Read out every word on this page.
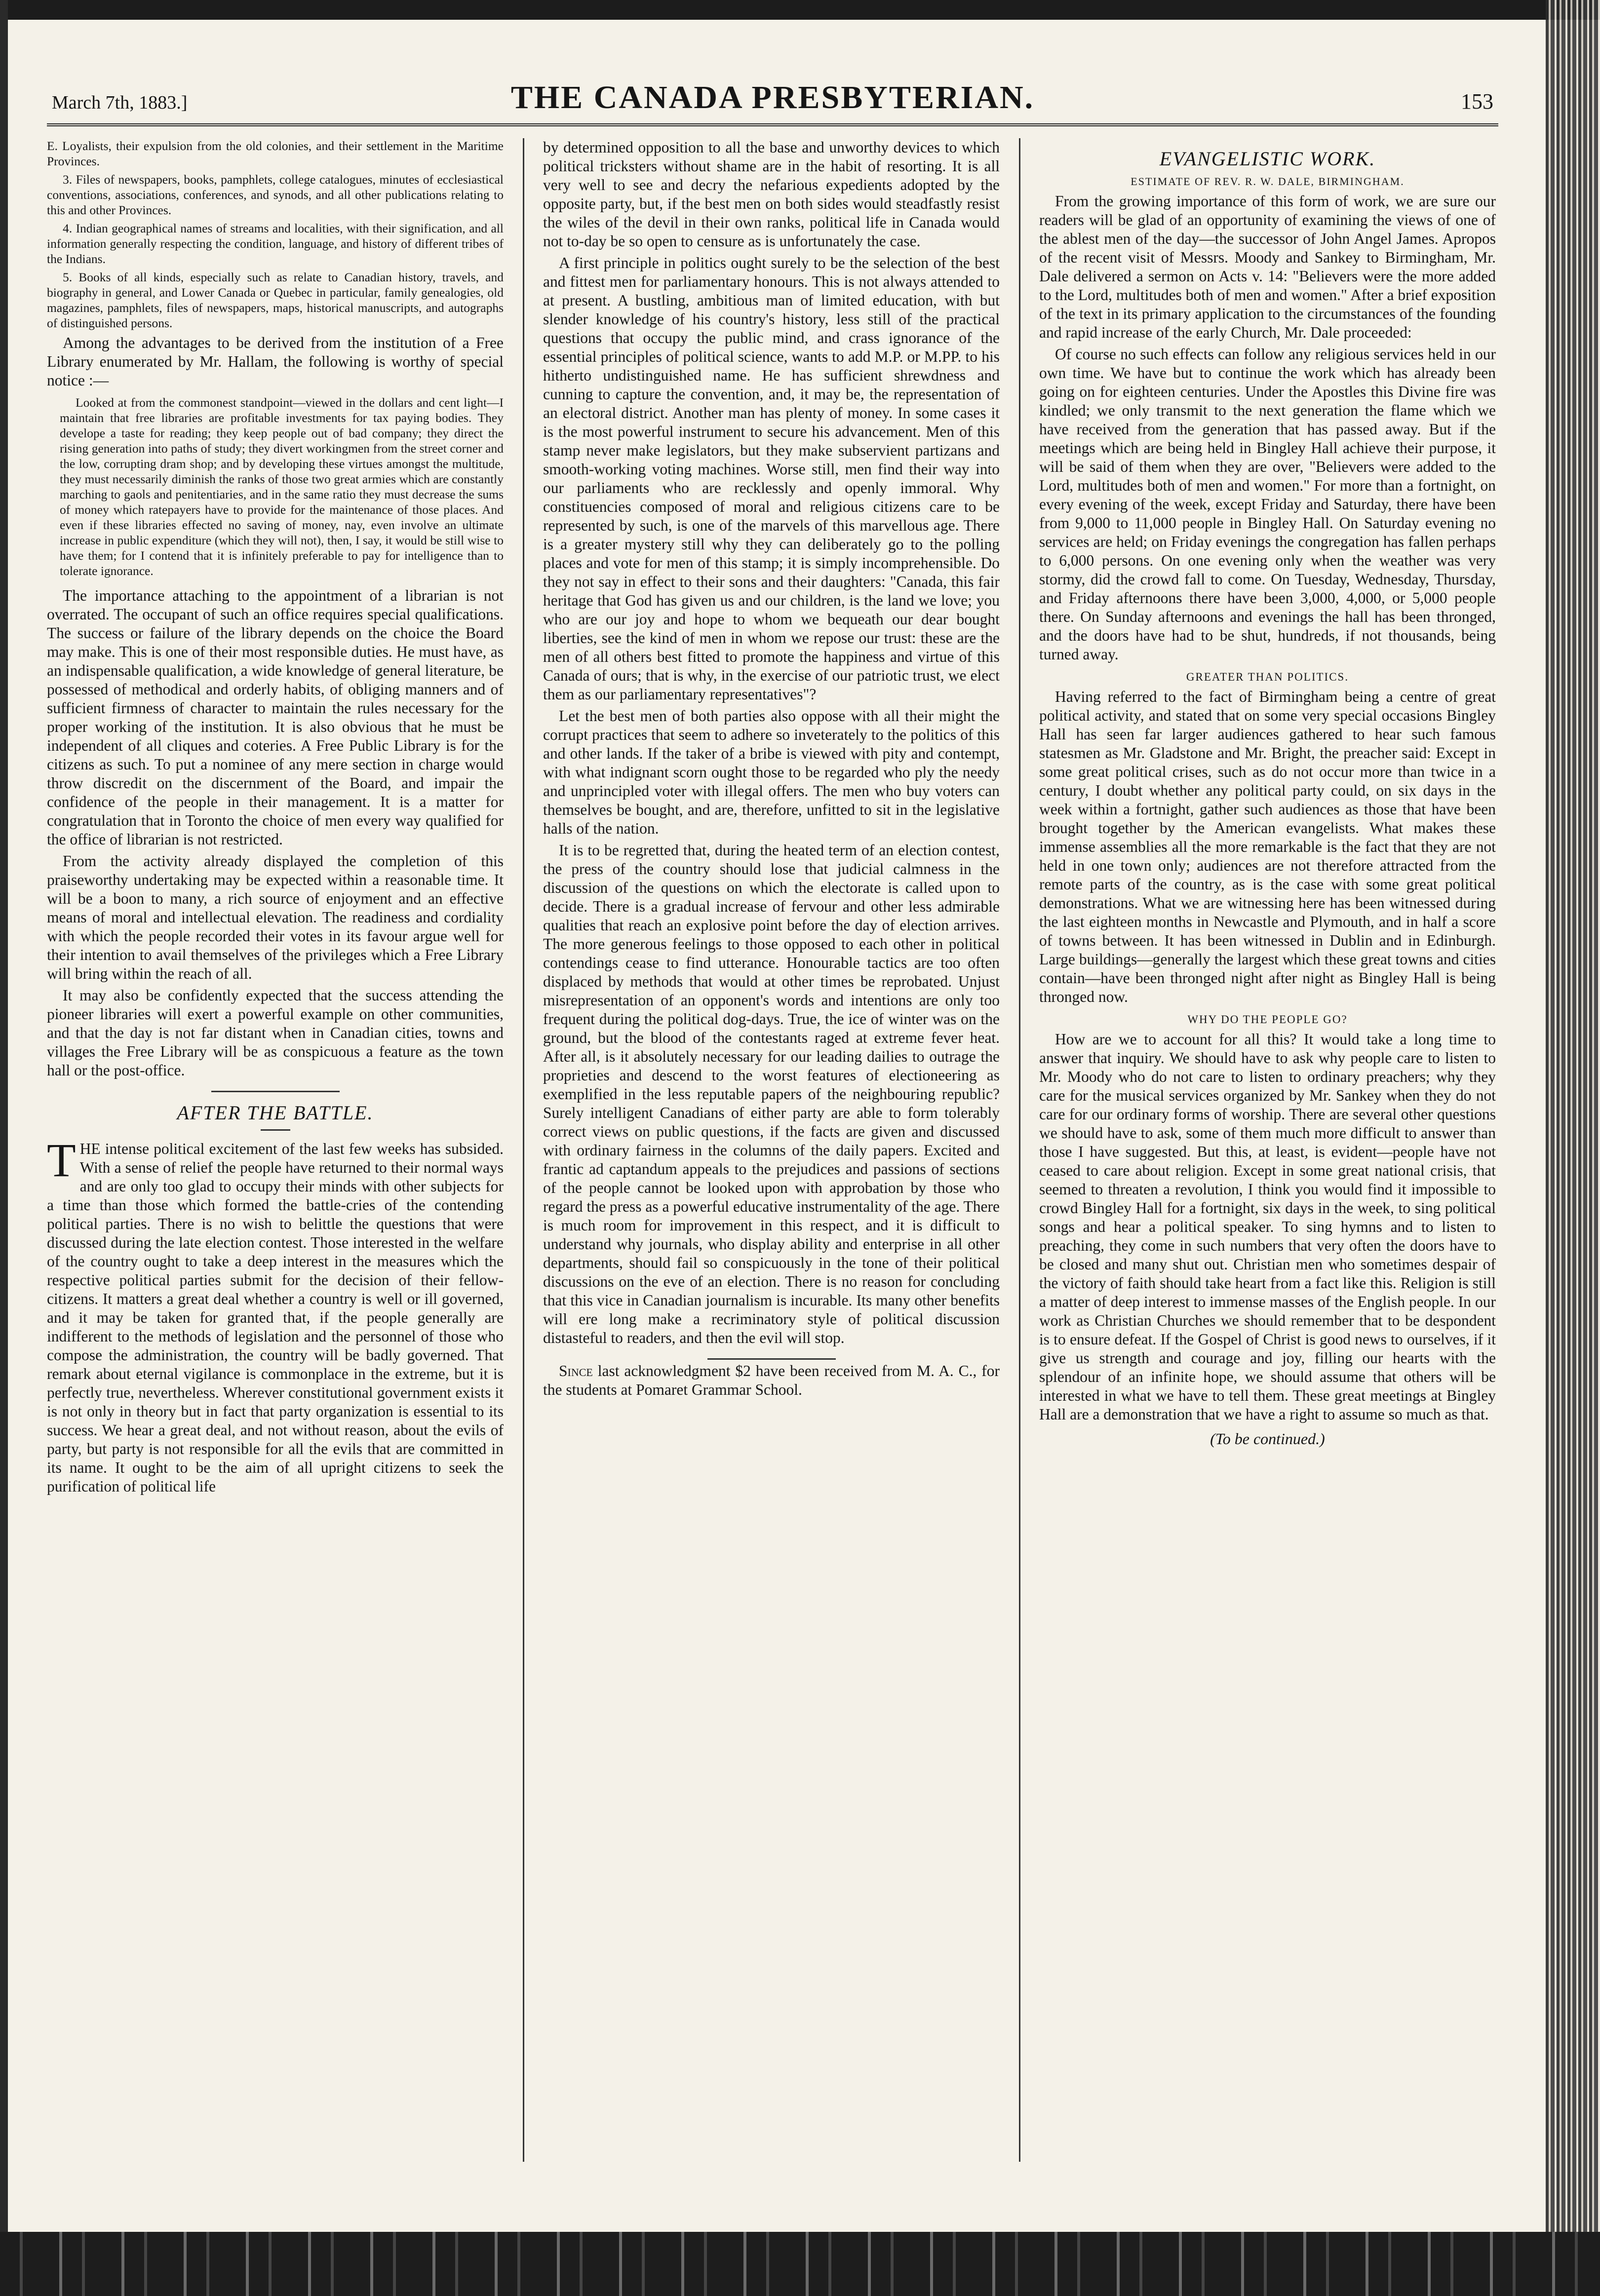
March 7th, 1883.]	THE CANADA PRESBYTERIAN.	153

E. Loyalists, their expulsion from the old colonies, and their settlement in the Maritime Provinces.

3. Files of newspapers, books, pamphlets, college catalogues, minutes of ecclesiastical conventions, associations, conferences, and synods, and all other publications relating to this and other Provinces.

4. Indian geographical names of streams and localities, with their signification, and all information generally respecting the condition, language, and history of different tribes of the Indians.

5. Books of all kinds, especially such as relate to Canadian history, travels, and biography in general, and Lower Canada or Quebec in particular, family genealogies, old magazines, pamphlets, files of newspapers, maps, historical manuscripts, and autographs of distinguished persons.

Among the advantages to be derived from the institution of a Free Library enumerated by Mr. Hallam, the following is worthy of special notice :—

Looked at from the commonest standpoint—viewed in the dollars and cent light—I maintain that free libraries are profitable investments for tax paying bodies. They develope a taste for reading; they keep people out of bad company; they direct the rising generation into paths of study; they divert workingmen from the street corner and the low, corrupting dram shop; and by developing these virtues amongst the multitude, they must necessarily diminish the ranks of those two great armies which are constantly marching to gaols and penitentiaries, and in the same ratio they must decrease the sums of money which ratepayers have to provide for the maintenance of those places. And even if these libraries effected no saving of money, nay, even involve an ultimate increase in public expenditure (which they will not), then, I say, it would be still wise to have them; for I contend that it is infinitely preferable to pay for intelligence than to tolerate ignorance.

The importance attaching to the appointment of a librarian is not overrated. The occupant of such an office requires special qualifications. The success or failure of the library depends on the choice the Board may make. This is one of their most responsible duties. He must have, as an indispensable qualification, a wide knowledge of general literature, be possessed of methodical and orderly habits, of obliging manners and of sufficient firmness of character to maintain the rules necessary for the proper working of the institution. It is also obvious that he must be independent of all cliques and coteries. A Free Public Library is for the citizens as such. To put a nominee of any mere section in charge would throw discredit on the discernment of the Board, and impair the confidence of the people in their management. It is a matter for congratulation that in Toronto the choice of men every way qualified for the office of librarian is not restricted.

From the activity already displayed the completion of this praiseworthy undertaking may be expected within a reasonable time. It will be a boon to many, a rich source of enjoyment and an effective means of moral and intellectual elevation. The readiness and cordiality with which the people recorded their votes in its favour argue well for their intention to avail themselves of the privileges which a Free Library will bring within the reach of all.

It may also be confidently expected that the success attending the pioneer libraries will exert a powerful example on other communities, and that the day is not far distant when in Canadian cities, towns and villages the Free Library will be as conspicuous a feature as the town hall or the post-office.

AFTER THE BATTLE.

THE intense political excitement of the last few weeks has subsided. With a sense of relief the people have returned to their normal ways and are only too glad to occupy their minds with other subjects for a time than those which formed the battle-cries of the contending political parties. There is no wish to belittle the questions that were discussed during the late election contest. Those interested in the welfare of the country ought to take a deep interest in the measures which the respective political parties submit for the decision of their fellow-citizens. It matters a great deal whether a country is well or ill governed, and it may be taken for granted that, if the people generally are indifferent to the methods of legislation and the personnel of those who compose the administration, the country will be badly governed. That remark about eternal vigilance is commonplace in the extreme, but it is perfectly true, nevertheless. Wherever constitutional government exists it is not only in theory but in fact that party organization is essential to its success. We hear a great deal, and not without reason, about the evils of party, but party is not responsible for all the evils that are committed in its name. It ought to be the aim of all upright citizens to seek the purification of political life

by determined opposition to all the base and unworthy devices to which political tricksters without shame are in the habit of resorting. It is all very well to see and decry the nefarious expedients adopted by the opposite party, but, if the best men on both sides would steadfastly resist the wiles of the devil in their own ranks, political life in Canada would not to-day be so open to censure as is unfortunately the case.

A first principle in politics ought surely to be the selection of the best and fittest men for parliamentary honours. This is not always attended to at present. A bustling, ambitious man of limited education, with but slender knowledge of his country's history, less still of the practical questions that occupy the public mind, and crass ignorance of the essential principles of political science, wants to add M.P. or M.PP. to his hitherto undistinguished name. He has sufficient shrewdness and cunning to capture the convention, and, it may be, the representation of an electoral district. Another man has plenty of money. In some cases it is the most powerful instrument to secure his advancement. Men of this stamp never make legislators, but they make subservient partizans and smooth-working voting machines. Worse still, men find their way into our parliaments who are recklessly and openly immoral. Why constituencies composed of moral and religious citizens care to be represented by such, is one of the marvels of this marvellous age. There is a greater mystery still why they can deliberately go to the polling places and vote for men of this stamp; it is simply incomprehensible. Do they not say in effect to their sons and their daughters: "Canada, this fair heritage that God has given us and our children, is the land we love; you who are our joy and hope to whom we bequeath our dear bought liberties, see the kind of men in whom we repose our trust: these are the men of all others best fitted to promote the happiness and virtue of this Canada of ours; that is why, in the exercise of our patriotic trust, we elect them as our parliamentary representatives"?

Let the best men of both parties also oppose with all their might the corrupt practices that seem to adhere so inveterately to the politics of this and other lands. If the taker of a bribe is viewed with pity and contempt, with what indignant scorn ought those to be regarded who ply the needy and unprincipled voter with illegal offers. The men who buy voters can themselves be bought, and are, therefore, unfitted to sit in the legislative halls of the nation.

It is to be regretted that, during the heated term of an election contest, the press of the country should lose that judicial calmness in the discussion of the questions on which the electorate is called upon to decide. There is a gradual increase of fervour and other less admirable qualities that reach an explosive point before the day of election arrives. The more generous feelings to those opposed to each other in political contendings cease to find utterance. Honourable tactics are too often displaced by methods that would at other times be reprobated. Unjust misrepresentation of an opponent's words and intentions are only too frequent during the political dog-days. True, the ice of winter was on the ground, but the blood of the contestants raged at extreme fever heat. After all, is it absolutely necessary for our leading dailies to outrage the proprieties and descend to the worst features of electioneering as exemplified in the less reputable papers of the neighbouring republic? Surely intelligent Canadians of either party are able to form tolerably correct views on public questions, if the facts are given and discussed with ordinary fairness in the columns of the daily papers. Excited and frantic ad captandum appeals to the prejudices and passions of sections of the people cannot be looked upon with approbation by those who regard the press as a powerful educative instrumentality of the age. There is much room for improvement in this respect, and it is difficult to understand why journals, who display ability and enterprise in all other departments, should fail so conspicuously in the tone of their political discussions on the eve of an election. There is no reason for concluding that this vice in Canadian journalism is incurable. Its many other benefits will ere long make a recriminatory style of political discussion distasteful to readers, and then the evil will stop.

Since last acknowledgment $2 have been received from M. A. C., for the students at Pomaret Grammar School.

EVANGELISTIC WORK.
ESTIMATE OF REV. R. W. DALE, BIRMINGHAM.

From the growing importance of this form of work, we are sure our readers will be glad of an opportunity of examining the views of one of the ablest men of the day—the successor of John Angel James. Apropos of the recent visit of Messrs. Moody and Sankey to Birmingham, Mr. Dale delivered a sermon on Acts v. 14: "Believers were the more added to the Lord, multitudes both of men and women." After a brief exposition of the text in its primary application to the circumstances of the founding and rapid increase of the early Church, Mr. Dale proceeded:

Of course no such effects can follow any religious services held in our own time. We have but to continue the work which has already been going on for eighteen centuries. Under the Apostles this Divine fire was kindled; we only transmit to the next generation the flame which we have received from the generation that has passed away. But if the meetings which are being held in Bingley Hall achieve their purpose, it will be said of them when they are over, "Believers were added to the Lord, multitudes both of men and women." For more than a fortnight, on every evening of the week, except Friday and Saturday, there have been from 9,000 to 11,000 people in Bingley Hall. On Saturday evening no services are held; on Friday evenings the congregation has fallen perhaps to 6,000 persons. On one evening only when the weather was very stormy, did the crowd fall to come. On Tuesday, Wednesday, Thursday, and Friday afternoons there have been 3,000, 4,000, or 5,000 people there. On Sunday afternoons and evenings the hall has been thronged, and the doors have had to be shut, hundreds, if not thousands, being turned away.

GREATER THAN POLITICS.

Having referred to the fact of Birmingham being a centre of great political activity, and stated that on some very special occasions Bingley Hall has seen far larger audiences gathered to hear such famous statesmen as Mr. Gladstone and Mr. Bright, the preacher said: Except in some great political crises, such as do not occur more than twice in a century, I doubt whether any political party could, on six days in the week within a fortnight, gather such audiences as those that have been brought together by the American evangelists. What makes these immense assemblies all the more remarkable is the fact that they are not held in one town only; audiences are not therefore attracted from the remote parts of the country, as is the case with some great political demonstrations. What we are witnessing here has been witnessed during the last eighteen months in Newcastle and Plymouth, and in half a score of towns between. It has been witnessed in Dublin and in Edinburgh. Large buildings—generally the largest which these great towns and cities contain—have been thronged night after night as Bingley Hall is being thronged now.

WHY DO THE PEOPLE GO?

How are we to account for all this? It would take a long time to answer that inquiry. We should have to ask why people care to listen to Mr. Moody who do not care to listen to ordinary preachers; why they care for the musical services organized by Mr. Sankey when they do not care for our ordinary forms of worship. There are several other questions we should have to ask, some of them much more difficult to answer than those I have suggested. But this, at least, is evident—people have not ceased to care about religion. Except in some great national crisis, that seemed to threaten a revolution, I think you would find it impossible to crowd Bingley Hall for a fortnight, six days in the week, to sing political songs and hear a political speaker. To sing hymns and to listen to preaching, they come in such numbers that very often the doors have to be closed and many shut out. Christian men who sometimes despair of the victory of faith should take heart from a fact like this. Religion is still a matter of deep interest to immense masses of the English people. In our work as Christian Churches we should remember that to be despondent is to ensure defeat. If the Gospel of Christ is good news to ourselves, if it give us strength and courage and joy, filling our hearts with the splendour of an infinite hope, we should assume that others will be interested in what we have to tell them. These great meetings at Bingley Hall are a demonstration that we have a right to assume so much as that.

(To be continued.)
